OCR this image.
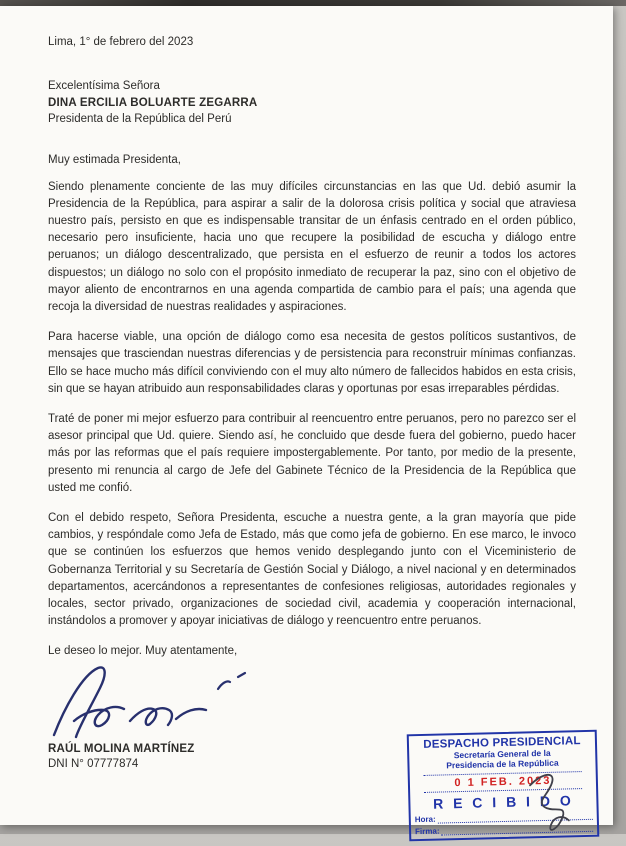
Lima, 1° de febrero del 2023
Excelentísima Señora
DINA ERCILIA BOLUARTE ZEGARRA
Presidenta de la República del Perú
Muy estimada Presidenta,

Siendo plenamente conciente de las muy difíciles circunstancias en las que Ud. debió asumir la Presidencia de la República, para aspirar a salir de la dolorosa crisis política y social que atraviesa nuestro país, persisto en que es indispensable transitar de un énfasis centrado en el orden público, necesario pero insuficiente, hacia uno que recupere la posibilidad de escucha y diálogo entre peruanos; un diálogo descentralizado, que persista en el esfuerzo de reunir a todos los actores dispuestos; un diálogo no solo con el propósito inmediato de recuperar la paz, sino con el objetivo de mayor aliento de encontrarnos en una agenda compartida de cambio para el país; una agenda que recoja la diversidad de nuestras realidades y aspiraciones.

Para hacerse viable, una opción de diálogo como esa necesita de gestos políticos sustantivos, de mensajes que trasciendan nuestras diferencias y de persistencia para reconstruir mínimas confianzas. Ello se hace mucho más difícil conviviendo con el muy alto número de fallecidos habidos en esta crisis, sin que se hayan atribuido aun responsabilidades claras y oportunas por esas irreparables pérdidas.

Traté de poner mi mejor esfuerzo para contribuir al reencuentro entre peruanos, pero no parezco ser el asesor principal que Ud. quiere. Siendo así, he concluido que desde fuera del gobierno, puedo hacer más por las reformas que el país requiere impostergablemente. Por tanto, por medio de la presente, presento mi renuncia al cargo de Jefe del Gabinete Técnico de la Presidencia de la República que usted me confió.

Con el debido respeto, Señora Presidenta, escuche a nuestra gente, a la gran mayoría que pide cambios, y respóndale como Jefa de Estado, más que como jefa de gobierno. En ese marco, le invoco que se continúen los esfuerzos que hemos venido desplegando junto con el Viceministerio de Gobernanza Territorial y su Secretaría de Gestión Social y Diálogo, a nivel nacional y en determinados departamentos, acercándonos a representantes de confesiones religiosas, autoridades regionales y locales, sector privado, organizaciones de sociedad civil, academia y cooperación internacional, instándolos a promover y apoyar iniciativas de diálogo y reencuentro entre peruanos.

Le deseo lo mejor. Muy atentamente,
RAÚL MOLINA MARTÍNEZ
DNI N° 07777874
DESPACHO PRESIDENCIAL
Secretaría General de la
Presidencia de la República
0 1 FEB. 2023
R E C I B I D O
Hora:
Firma:
